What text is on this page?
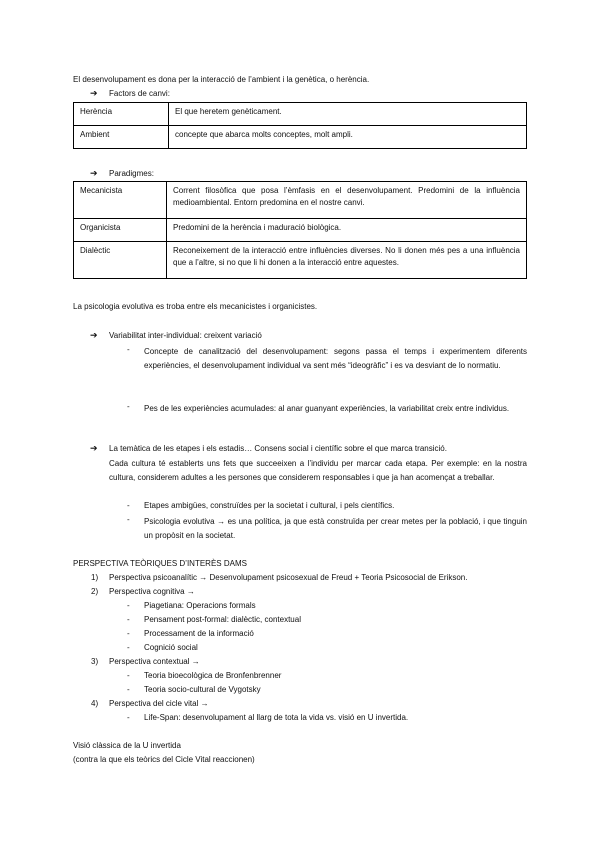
El desenvolupament es dona per la interacció de l’ambient i la genètica, o herència.
➔ Factors de canvi:
Herència	El que heretem genèticament.
Ambient	concepte que abarca molts conceptes, molt ampli.
➔ Paradigmes:
Mecanicista	Corrent filosòfica que posa l’èmfasis en el desenvolupament. Predomini de la influència medioambiental. Entorn predomina en el nostre canvi.
Organicista	Predomini de la herència i maduració biològica.
Dialèctic	Reconeixement de la interacció entre influències diverses. No li donen més pes a una influència que a l’altre, si no que li hi donen a la interacció entre aquestes.
La psicologia evolutiva es troba entre els mecanicistes i organicistes.
➔ Variabilitat inter-individual: creixent variació
- Concepte de canalització del desenvolupament: segons passa el temps i experimentem diferents experiències, el desenvolupament individual va sent més “ideogràfic” i es va desviant de lo normatiu.
- Pes de les experiències acumulades: al anar guanyant experiències, la variabilitat creix entre individus.
➔ La temàtica de les etapes i els estadis… Consens social i científic sobre el que marca transició.
Cada cultura té establerts uns fets que succeeixen a l’individu per marcar cada etapa. Per exemple: en la nostra cultura, considerem adultes a les persones que considerem responsables i que ja han acomençat a treballar.
- Etapes ambigües, construïdes per la societat i cultural, i pels científics.
- Psicologia evolutiva → es una política, ja que està construïda per crear metes per la població, i que tinguin un propòsit en la societat.
PERSPECTIVA TEÒRIQUES D’INTERÈS DAMS
1) Perspectiva psicoanalític → Desenvolupament psicosexual de Freud + Teoria Psicosocial de Erikson.
2) Perspectiva cognitiva →
- Piagetiana: Operacions formals
- Pensament post-formal: dialèctic, contextual
- Processament de la informació
- Cognició social
3) Perspectiva contextual →
- Teoria bioecològica de Bronfenbrenner
- Teoria socio-cultural de Vygotsky
4) Perspectiva del cicle vital →
- Life-Span: desenvolupament al llarg de tota la vida vs. visió en U invertida.
Visió clàssica de la U invertida
(contra la que els teòrics del Cicle Vital reaccionen)
